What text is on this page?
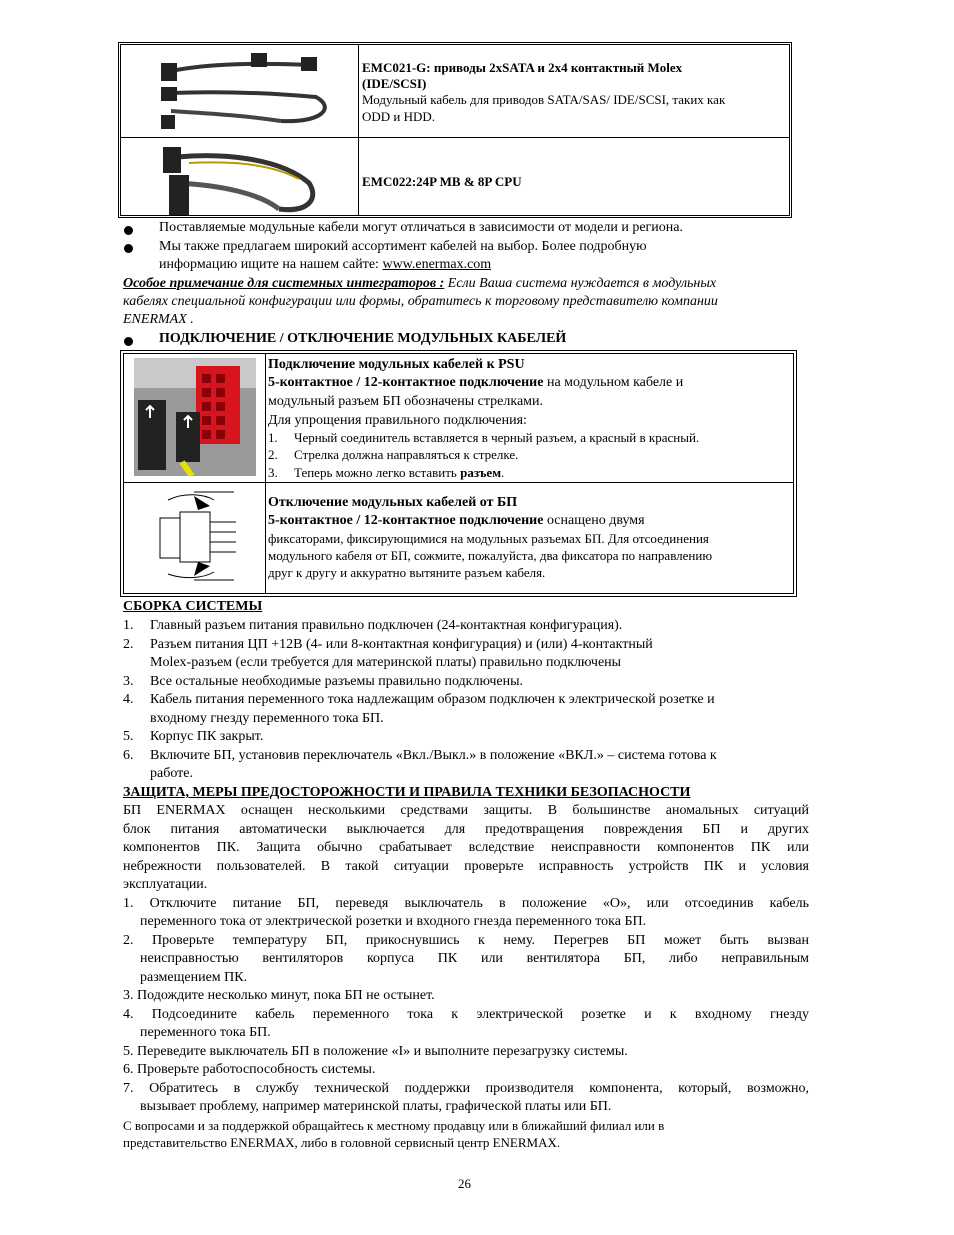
EMC021-G: приводы 2xSATA и 2x4 контактный Molex
(IDE/SCSI)
Модульный кабель для приводов SATA/SAS/ IDE/SCSI, таких как
ODD и HDD.
EMC022:24P MB & 8P CPU
Поставляемые модульные кабели могут отличаться в зависимости от модели и региона.
Мы также предлагаем широкий ассортимент кабелей на выбор. Более подробную
информацию ищите на нашем сайте: www.enermax.com
Особое примечание для системных интеграторов : Если Ваша система нуждается в модульных
кабелях специальной конфигурации или формы, обратитесь к торговому представителю компании
ENERMAX .
ПОДКЛЮЧЕНИЕ / ОТКЛЮЧЕНИЕ МОДУЛЬНЫХ КАБЕЛЕЙ
Подключение модульных кабелей к PSU
5-контактное / 12-контактное подключение на модульном кабеле и
модульный разъем БП обозначены стрелками.
Для упрощения правильного подключения:
1. Черный соединитель вставляется в черный разъем, а красный в красный.
2. Стрелка должна направляться к стрелке.
3. Теперь можно легко вставить разъем.
Отключение модульных кабелей от БП
5-контактное / 12-контактное подключение оснащено двумя
фиксаторами, фиксирующимися на модульных разъемах БП. Для отсоединения
модульного кабеля от БП, сожмите, пожалуйста, два фиксатора по направлению
друг к другу и аккуратно вытяните разъем кабеля.
СБОРКА СИСТЕМЫ
1. Главный разъем питания правильно подключен (24-контактная конфигурация).
2. Разъем питания ЦП +12В (4- или 8-контактная конфигурация) и (или) 4-контактный
Molex-разъем (если требуется для материнской платы) правильно подключены
3. Все остальные необходимые разъемы правильно подключены.
4. Кабель питания переменного тока надлежащим образом подключен к электрической розетке и
входному гнезду переменного тока БП.
5. Корпус ПК закрыт.
6. Включите БП, установив переключатель «Вкл./Выкл.» в положение «ВКЛ.» – система готова к
работе.
ЗАЩИТА, МЕРЫ ПРЕДОСТОРОЖНОСТИ И ПРАВИЛА ТЕХНИКИ БЕЗОПАСНОСТИ
БП ENERMAX оснащен несколькими средствами защиты. В большинстве аномальных ситуаций
блок питания автоматически выключается для предотвращения повреждения БП и других
компонентов ПК. Защита обычно срабатывает вследствие неисправности компонентов ПК или
небрежности пользователей. В такой ситуации проверьте исправность устройств ПК и условия
эксплуатации.
1. Отключите питание БП, переведя выключатель в положение «О», или отсоединив кабель
переменного тока от электрической розетки и входного гнезда переменного тока БП.
2. Проверьте температуру БП, прикоснувшись к нему. Перегрев БП может быть вызван
неисправностью вентиляторов корпуса ПК или вентилятора БП, либо неправильным
размещением ПК.
3. Подождите несколько минут, пока БП не остынет.
4. Подсоедините кабель переменного тока к электрической розетке и к входному гнезду
переменного тока БП.
5. Переведите выключатель БП в положение «I» и выполните перезагрузку системы.
6. Проверьте работоспособность системы.
7. Обратитесь в службу технической поддержки производителя компонента, который, возможно,
вызывает проблему, например материнской платы, графической платы или БП.
С вопросами и за поддержкой обращайтесь к местному продавцу или в ближайший филиал или в
представительство ENERMAX, либо в головной сервисный центр ENERMAX.
26
